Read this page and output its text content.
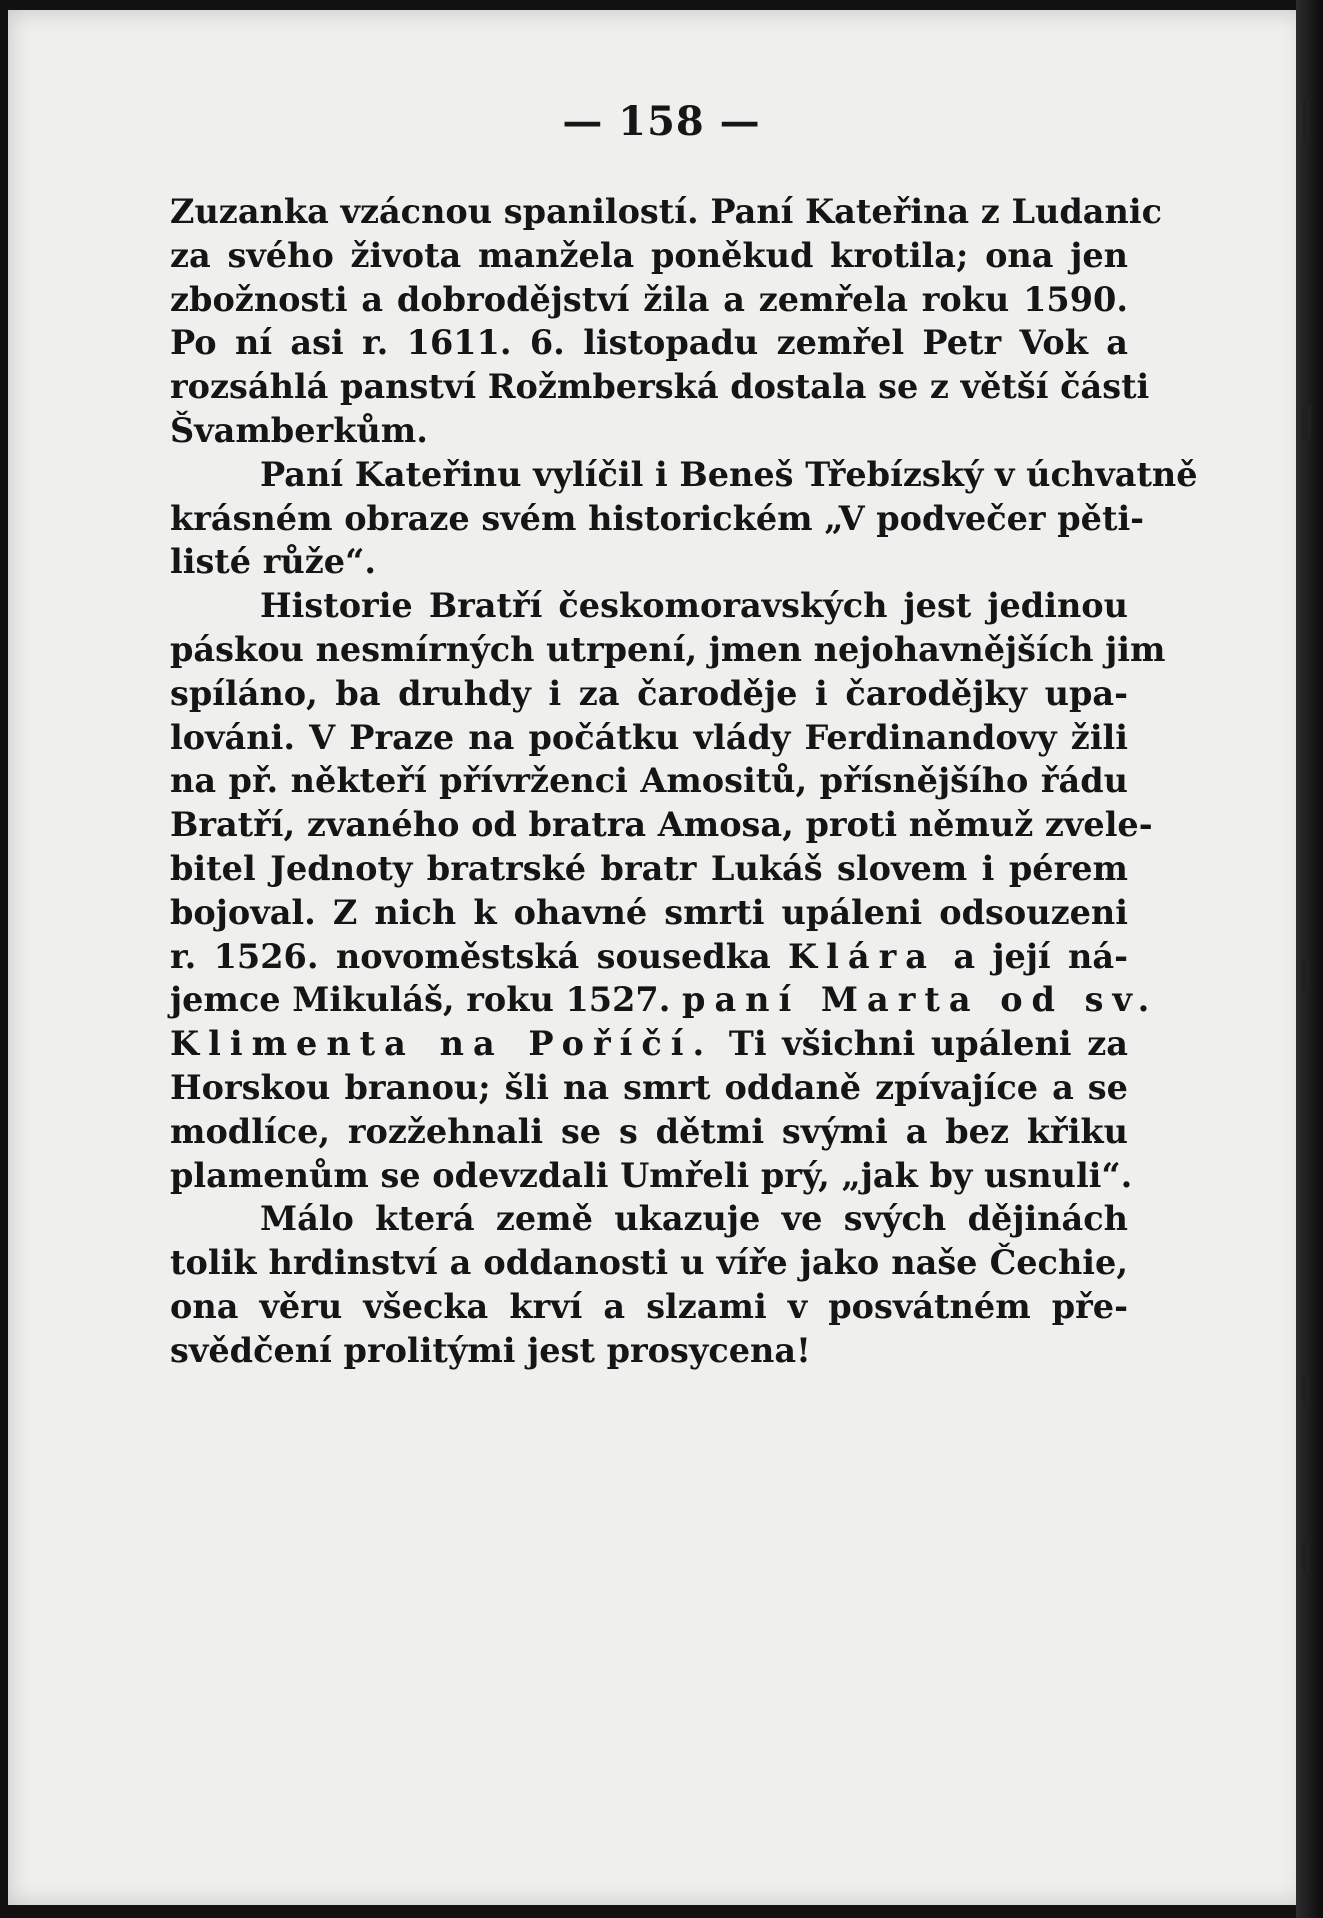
— 158 —
Zuzanka vzácnou spanilostí. Paní Kateřina z Ludanic
za svého života manžela poněkud krotila; ona jen
zbožnosti a dobrodějství žila a zemřela roku 1590.
Po ní asi r. 1611. 6. listopadu zemřel Petr Vok a
rozsáhlá panství Rožmberská dostala se z větší části
Švamberkům.
Paní Kateřinu vylíčil i Beneš Třebízský v úchvatně
krásném obraze svém historickém „V podvečer pěti-
listé růže“.
Historie Bratří českomoravských jest jedinou
páskou nesmírných utrpení, jmen nejohavnějších jim
spíláno, ba druhdy i za čaroděje i čarodějky upa-
lováni. V Praze na počátku vlády Ferdinandovy žili
na př. někteří přívrženci Amositů, přísnějšího řádu
Bratří, zvaného od bratra Amosa, proti němuž zvele-
bitel Jednoty bratrské bratr Lukáš slovem i pérem
bojoval. Z nich k ohavné smrti upáleni odsouzeni
r. 1526. novoměstská sousedka Klára a její ná-
jemce Mikuláš, roku 1527. paní Marta od sv.
Klimenta na Poříčí. Ti všichni upáleni za
Horskou branou; šli na smrt oddaně zpívajíce a se
modlíce, rozžehnali se s dětmi svými a bez křiku
plamenům se odevzdali Umřeli prý, „jak by usnuli“.
Málo která země ukazuje ve svých dějinách
tolik hrdinství a oddanosti u víře jako naše Čechie,
ona věru všecka krví a slzami v posvátném pře-
svědčení prolitými jest prosycena!
